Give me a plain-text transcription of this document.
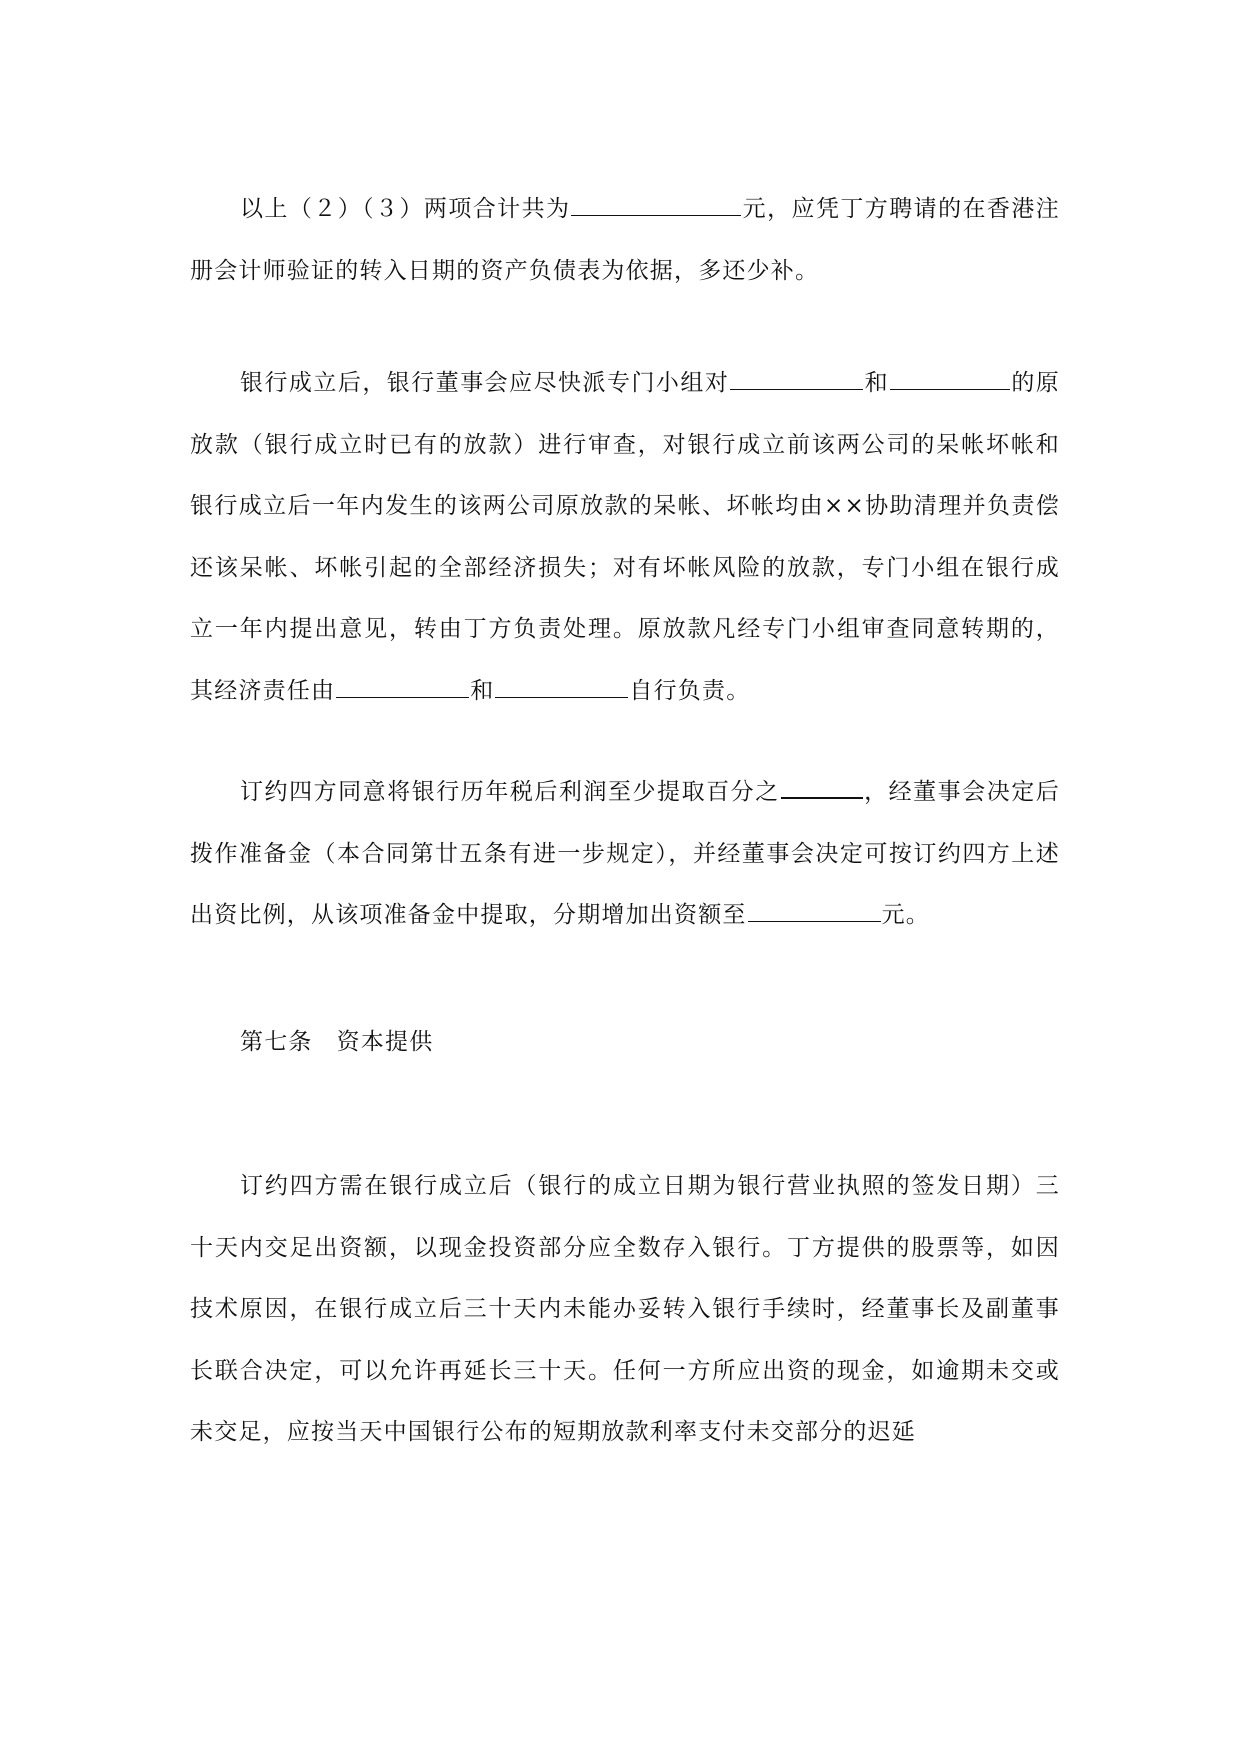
以上（２）（３）两项合计共为	元，应凭丁方聘请的在香港注册会计师验证的转入日期的资产负债表为依据，多还少补。

银行成立后，银行董事会应尽快派专门小组对	和	的原放款（银行成立时已有的放款）进行审查，对银行成立前该两公司的呆帐坏帐和银行成立后一年内发生的该两公司原放款的呆帐、坏帐均由××协助清理并负责偿还该呆帐、坏帐引起的全部经济损失；对有坏帐风险的放款，专门小组在银行成立一年内提出意见，转由丁方负责处理。原放款凡经专门小组审查同意转期的，其经济责任由	和	自行负责。

订约四方同意将银行历年税后利润至少提取百分之	，经董事会决定后拨作准备金（本合同第廿五条有进一步规定），并经董事会决定可按订约四方上述出资比例，从该项准备金中提取，分期增加出资额至	元。

第七条 资本提供

订约四方需在银行成立后（银行的成立日期为银行营业执照的签发日期）三十天内交足出资额，以现金投资部分应全数存入银行。丁方提供的股票等，如因技术原因，在银行成立后三十天内未能办妥转入银行手续时，经董事长及副董事长联合决定，可以允许再延长三十天。任何一方所应出资的现金，如逾期未交或未交足，应按当天中国银行公布的短期放款利率支付未交部分的迟延
